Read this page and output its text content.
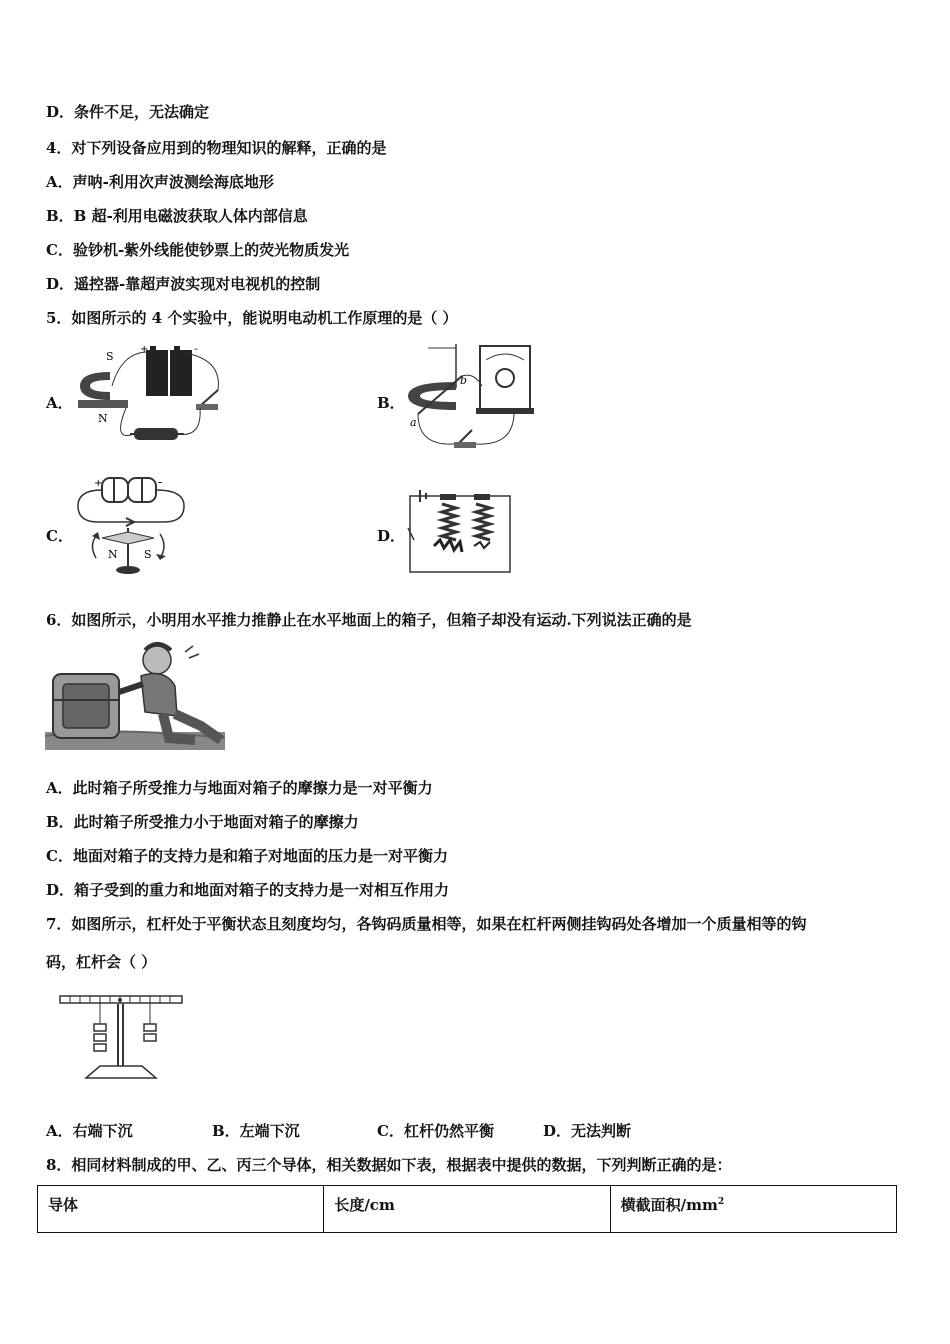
D．条件不足，无法确定
4．对下列设备应用到的物理知识的解释，正确的是
A．声呐-利用次声波测绘海底地形
B．B 超-利用电磁波获取人体内部信息
C．验钞机-紫外线能使钞票上的荧光物质发光
D．遥控器-靠超声波实现对电视机的控制
5．如图所示的 4 个实验中，能说明电动机工作原理的是（ ）
A．
+	-
S
N
B．
a
b
C．
+	-
N S
D．
6．如图所示，小明用水平推力推静止在水平地面上的箱子，但箱子却没有运动.下列说法正确的是
A．此时箱子所受推力与地面对箱子的摩擦力是一对平衡力
B．此时箱子所受推力小于地面对箱子的摩擦力
C．地面对箱子的支持力是和箱子对地面的压力是一对平衡力
D．箱子受到的重力和地面对箱子的支持力是一对相互作用力
7．如图所示，杠杆处于平衡状态且刻度均匀，各钩码质量相等，如果在杠杆两侧挂钩码处各增加一个质量相等的钩
码，杠杆会（ ）
A．右端下沉	B．左端下沉	C．杠杆仍然平衡	D．无法判断
8．相同材料制成的甲、乙、丙三个导体，相关数据如下表，根据表中提供的数据，下列判断正确的是：
导体	长度/cm	横截面积$/mm^2$
